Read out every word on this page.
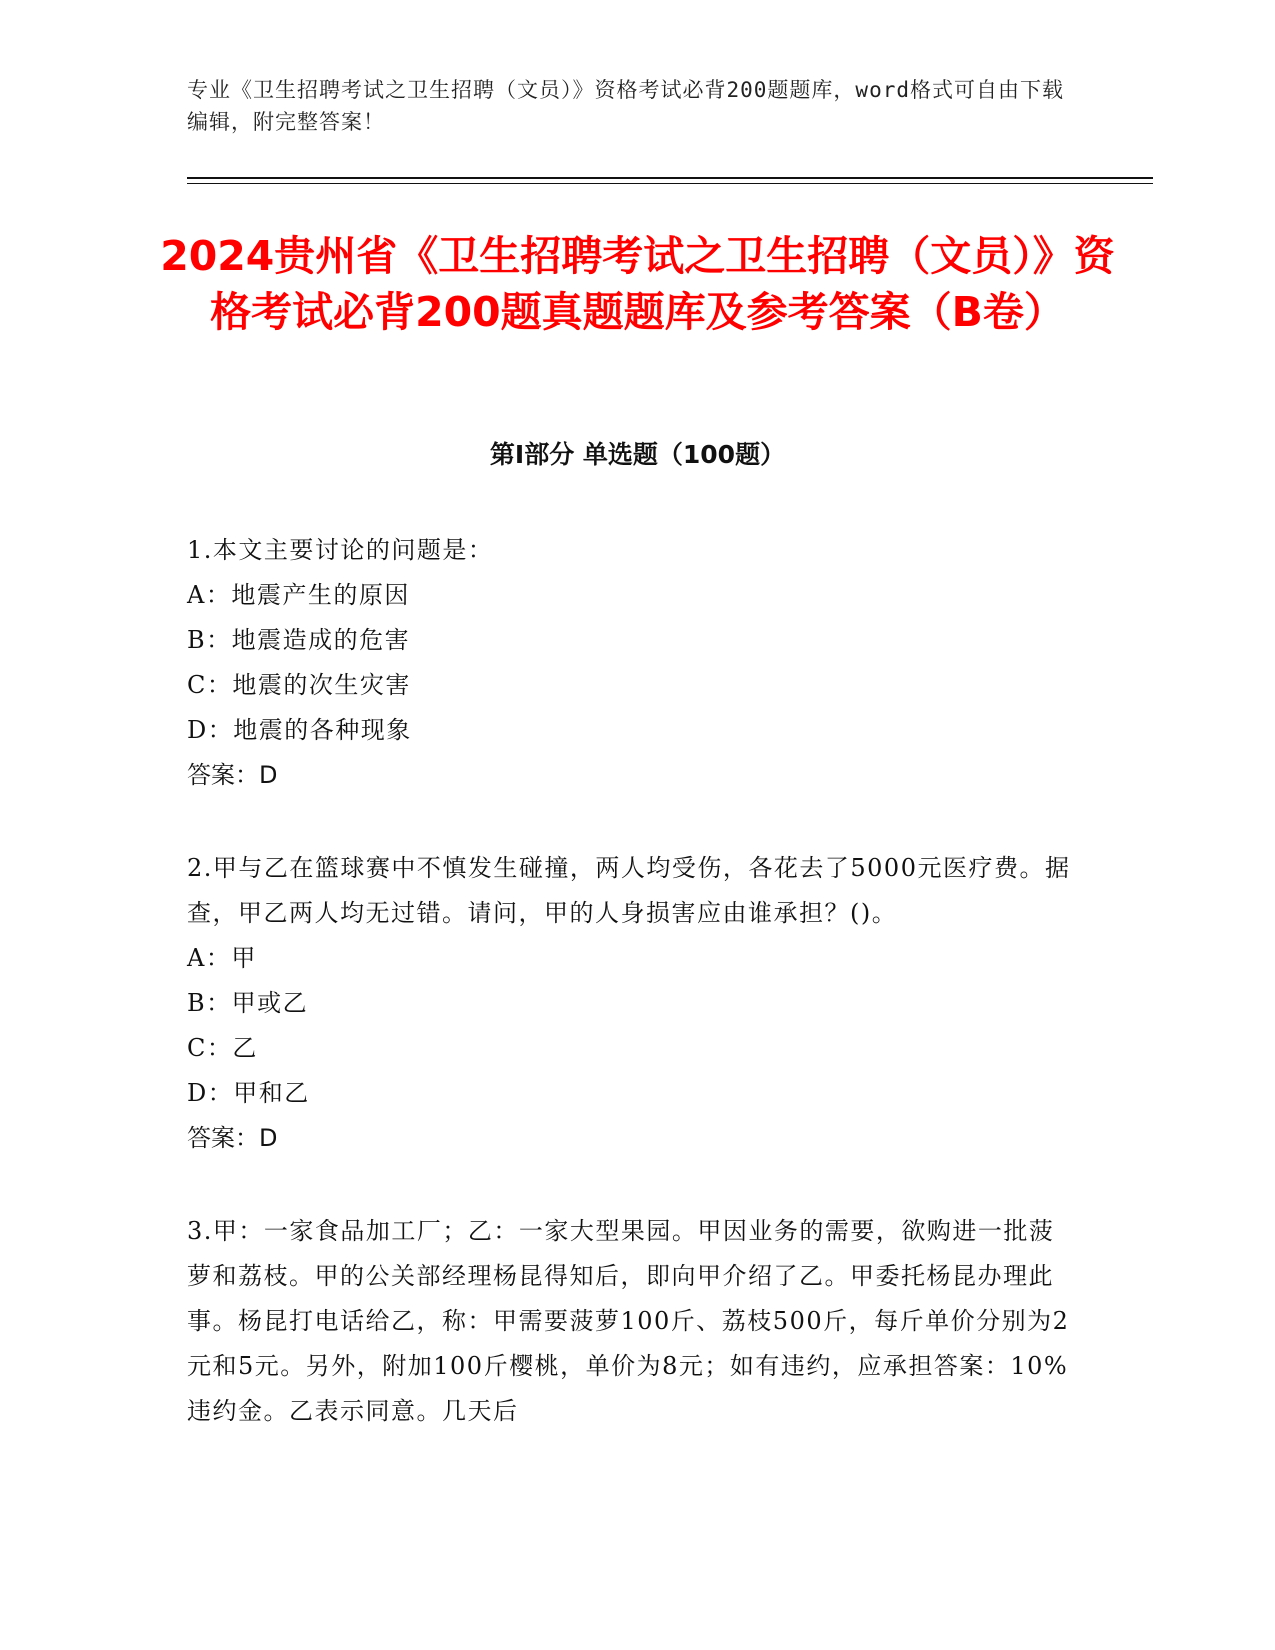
专业《卫生招聘考试之卫生招聘（文员）》资格考试必背200题题库，word格式可自由下载编辑，附完整答案！
2024贵州省《卫生招聘考试之卫生招聘（文员）》资格考试必背200题真题题库及参考答案（B卷）
第Ⅰ部分 单选题（100题）
1.本文主要讨论的问题是：
A：地震产生的原因
B：地震造成的危害
C：地震的次生灾害
D：地震的各种现象
答案：D
2.甲与乙在篮球赛中不慎发生碰撞，两人均受伤，各花去了5000元医疗费。据查，甲乙两人均无过错。请问，甲的人身损害应由谁承担？()。
A：甲
B：甲或乙
C：乙
D：甲和乙
答案：D
3.甲：一家食品加工厂；乙：一家大型果园。甲因业务的需要，欲购进一批菠萝和荔枝。甲的公关部经理杨昆得知后，即向甲介绍了乙。甲委托杨昆办理此事。杨昆打电话给乙，称：甲需要菠萝100斤、荔枝500斤，每斤单价分别为2元和5元。另外，附加100斤樱桃，单价为8元；如有违约，应承担答案：10%违约金。乙表示同意。几天后
